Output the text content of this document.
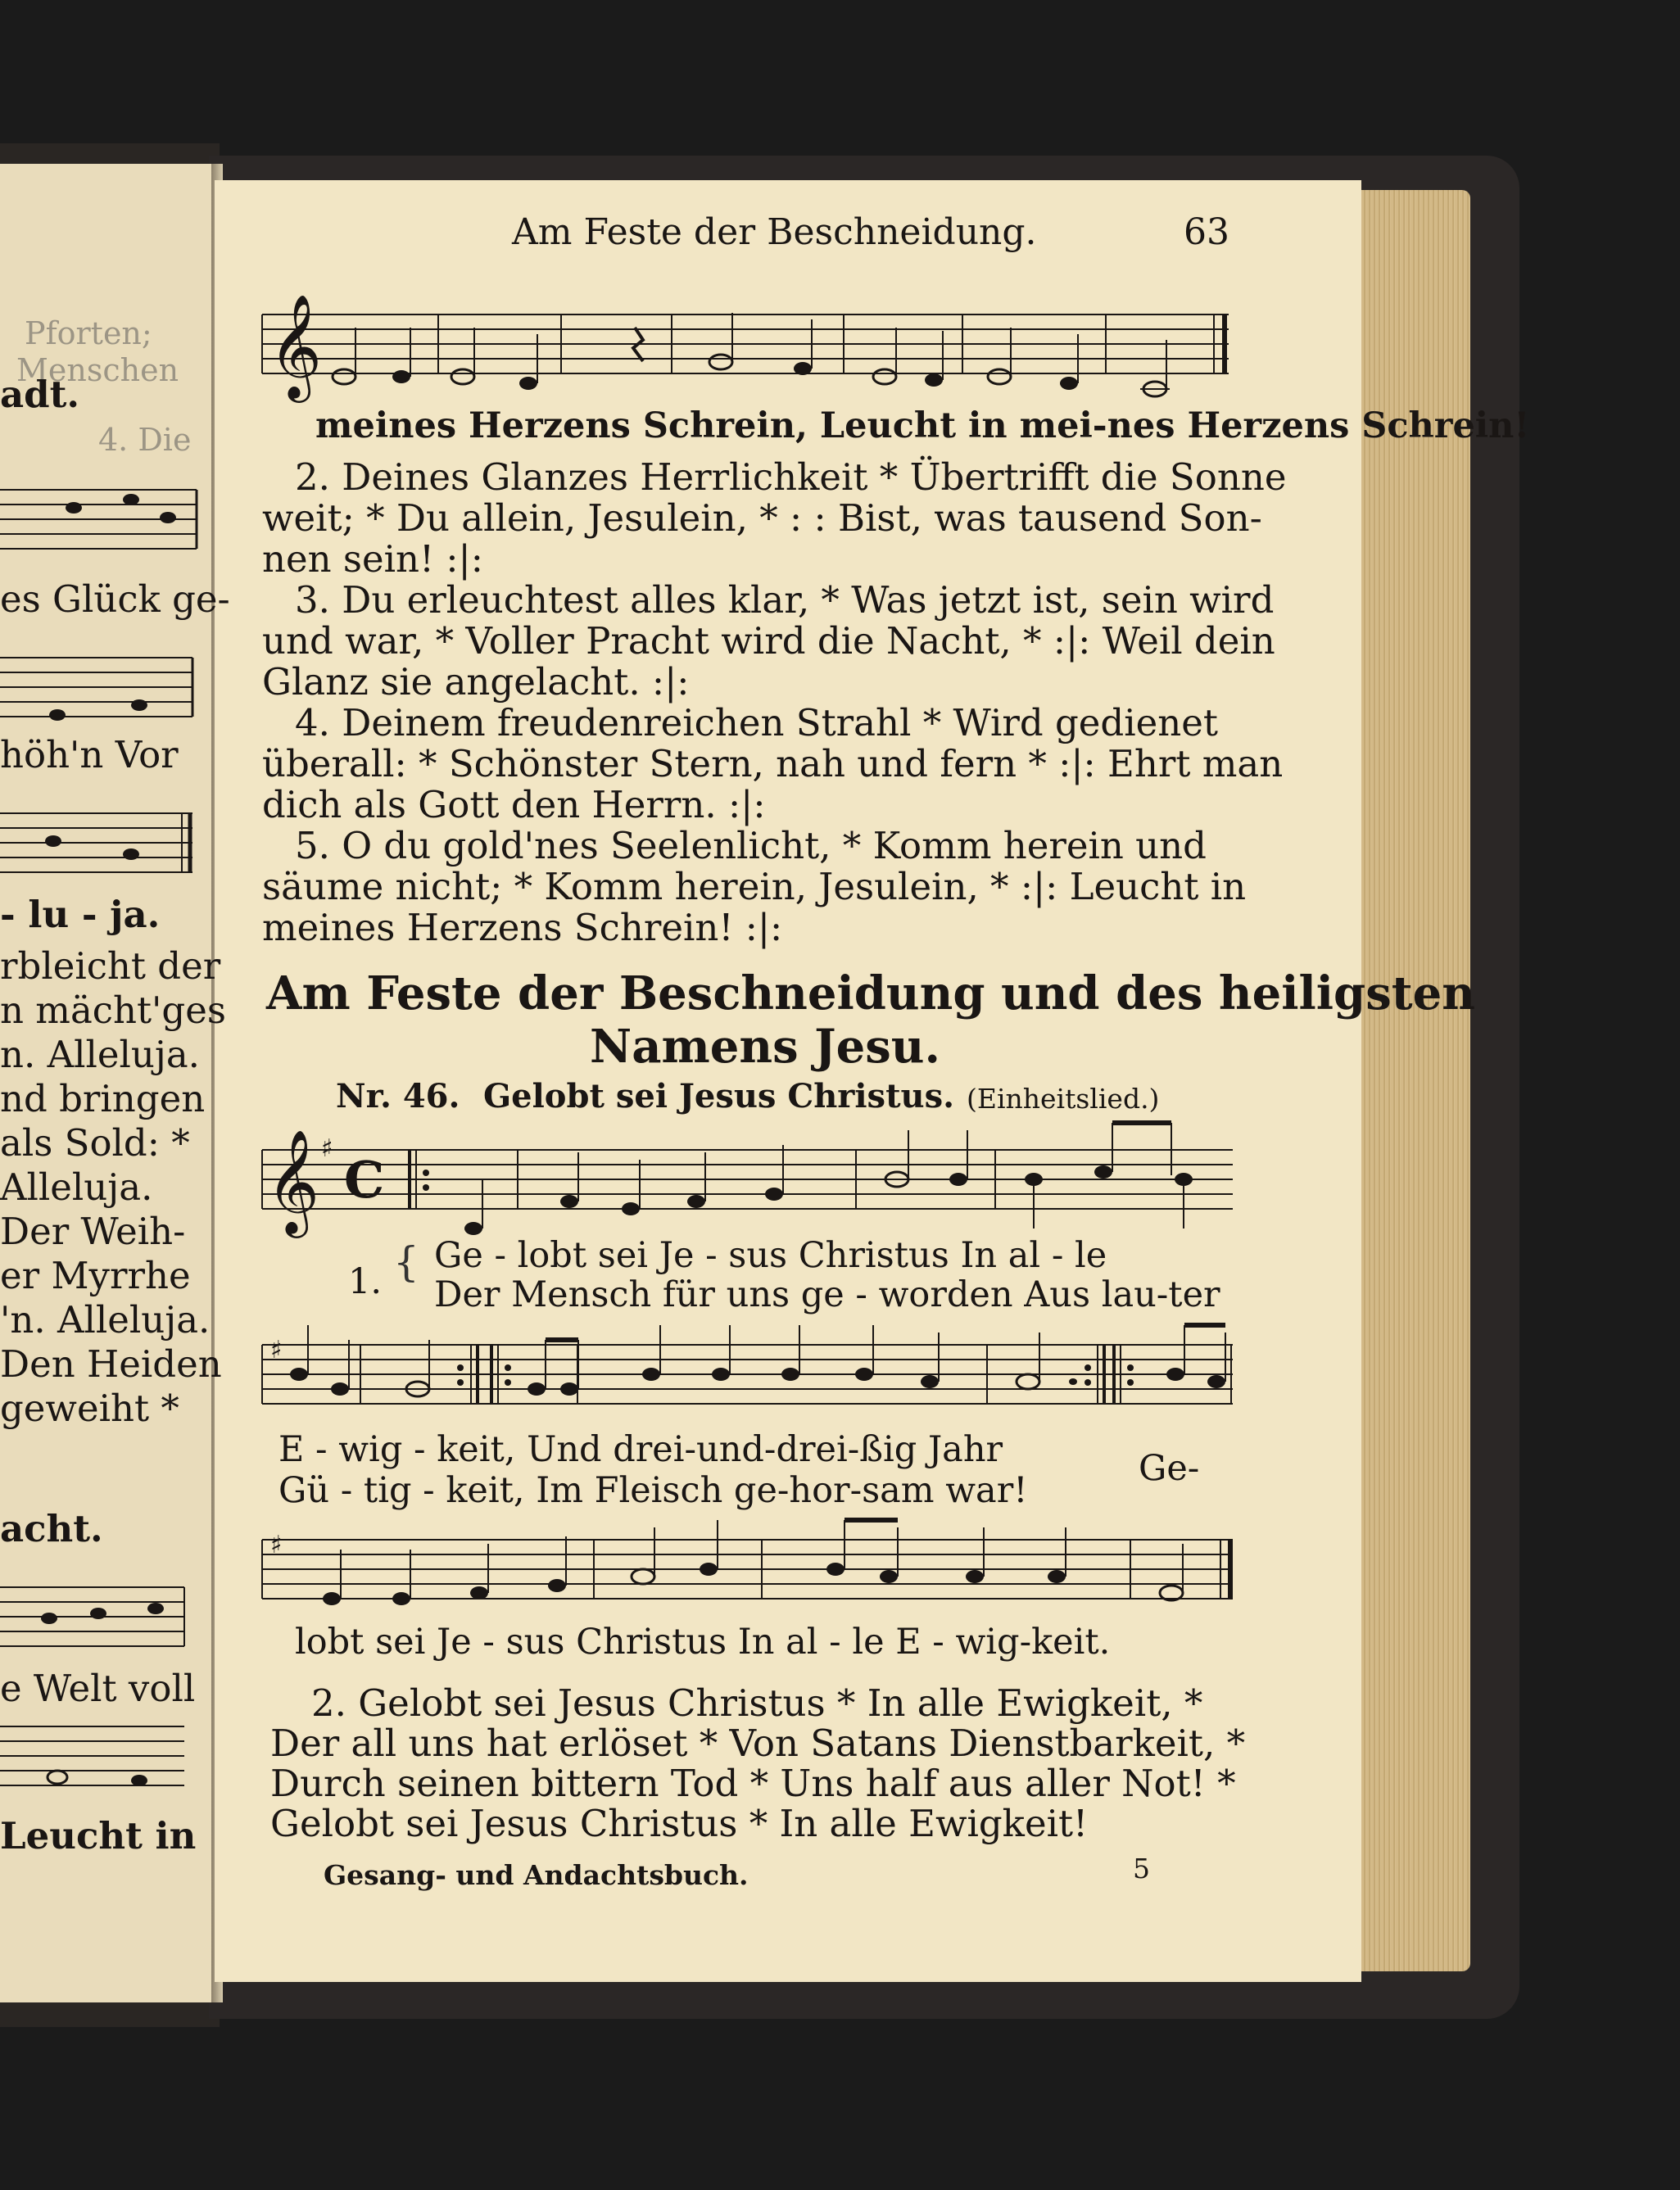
Pforten;
Menschen
adt.
4. Die
es Glück ge-
höh'n Vor
- lu - ja.
rbleicht der
n mächt'ges
n. Alleluja.
nd bringen
als Sold: *
Alleluja.
Der Weih-
er Myrrhe
'n. Alleluja.
Den Heiden
geweiht *
acht.
e Welt voll
Leucht in
Am Feste der Beschneidung.	63
𝄞
meines Herzens Schrein, Leucht in mei-nes Herzens Schrein!
2. Deines Glanzes Herrlichkeit * Übertrifft die Sonne
weit; * Du allein, Jesulein, * : : Bist, was tausend Son-
nen sein! :|:
3. Du erleuchtest alles klar, * Was jetzt ist, sein wird
und war, * Voller Pracht wird die Nacht, * :|: Weil dein
Glanz sie angelacht. :|:
4. Deinem freudenreichen Strahl * Wird gedienet
überall: * Schönster Stern, nah und fern * :|: Ehrt man
dich als Gott den Herrn. :|:
5. O du gold'nes Seelenlicht, * Komm herein und
säume nicht; * Komm herein, Jesulein, * :|: Leucht in
meines Herzens Schrein! :|:
Am Feste der Beschneidung und des heiligsten
Namens Jesu.
Nr. 46. Gelobt sei Jesus Christus. (Einheitslied.)
𝄞 ♯
C
1. { Ge - lobt sei Je - sus Christus In al - le
Der Mensch für uns ge - worden Aus lau-ter
♯
E - wig - keit, Und drei-und-drei-ßig Jahr
Gü - tig - keit, Im Fleisch ge-hor-sam war!
Ge-
♯
lobt sei Je - sus Christus In al - le E - wig-keit.
2. Gelobt sei Jesus Christus * In alle Ewigkeit, *
Der all uns hat erlöset * Von Satans Dienstbarkeit, *
Durch seinen bittern Tod * Uns half aus aller Not! *
Gelobt sei Jesus Christus * In alle Ewigkeit!
Gesang- und Andachtsbuch.	5
